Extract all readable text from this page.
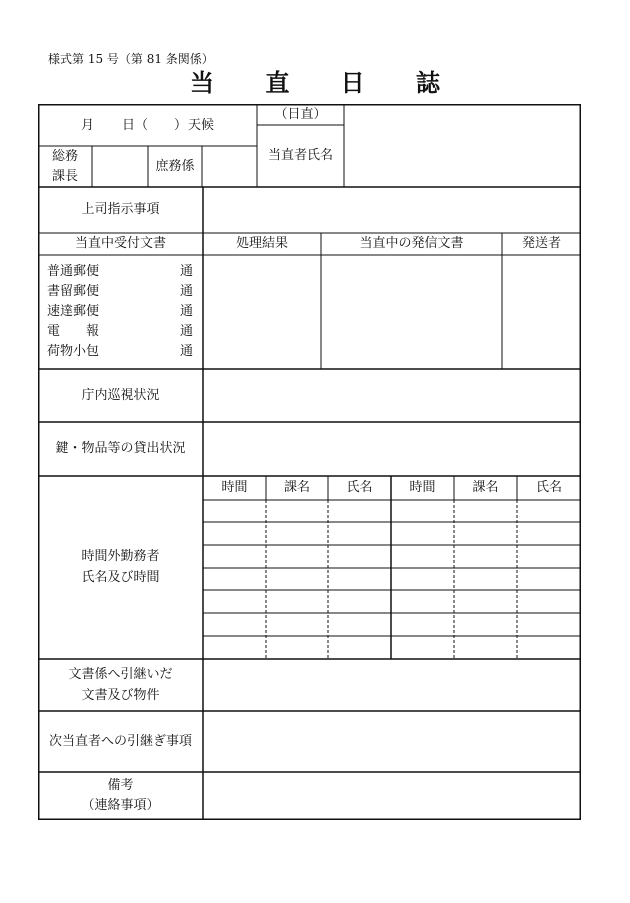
様式第 15 号（第 81 条関係）
当 直 日 誌
月 日（　　） 天候
（日直）
当直者氏名
総務
課長
庶務係
上司指示事項
当直中受付文書	処理結果	当直中の発信文書	発送者
普通郵便	通
書留郵便	通
速達郵便	通
電　　報	通
荷物小包	通
庁内巡視状況
鍵・物品等の貸出状況
時間外勤務者
氏名及び時間
時間	課名	氏名	時間	課名	氏名
文書係へ引継いだ
文書及び物件
次当直者への引継ぎ事項
備考
（連絡事項）
